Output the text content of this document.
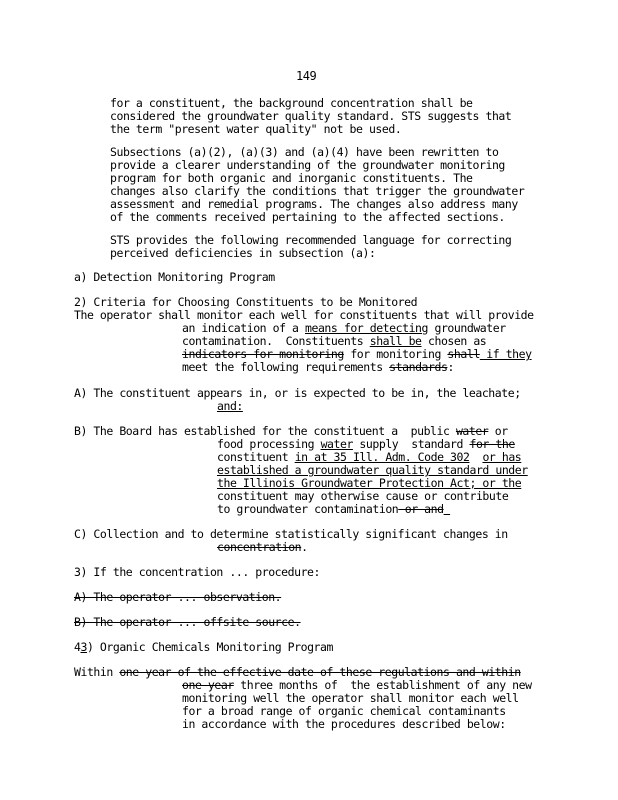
149
for a constituent, the background concentration shall be
considered the groundwater quality standard. STS suggests that
the term "present water quality" not be used.
Subsections (a)(2), (a)(3) and (a)(4) have been rewritten to
provide a clearer understanding of the groundwater monitoring
program for both organic and inorganic constituents. The
changes also clarify the conditions that trigger the groundwater
assessment and remedial programs. The changes also address many
of the comments received pertaining to the affected sections.
STS provides the following recommended language for correcting
perceived deficiencies in subsection (a):
a) Detection Monitoring Program
2) Criteria for Choosing Constituents to be Monitored
The operator shall monitor each well for constituents that will provide
an indication of a means for detecting groundwater
contamination.  Constituents shall be chosen as
indicators for monitoring for monitoring shall if they
meet the following requirements standards:
A) The constituent appears in, or is expected to be in, the leachate;
and:
B) The Board has established for the constituent a  public water or
food processing water supply  standard for the
constituent in at 35 Ill. Adm. Code 302 or has
established a groundwater quality standard under
the Illinois Groundwater Protection Act; or the
constituent may otherwise cause or contribute
to groundwater contamination or and
C) Collection and to determine statistically significant changes in
concentration.
3) If the concentration ... procedure:
A) The operator ... observation.
B) The operator ... offsite source.
43) Organic Chemicals Monitoring Program
Within one year of the effective date of these regulations and within
one year three months of  the establishment of any new
monitoring well the operator shall monitor each well
for a broad range of organic chemical contaminants
in accordance with the procedures described below:
